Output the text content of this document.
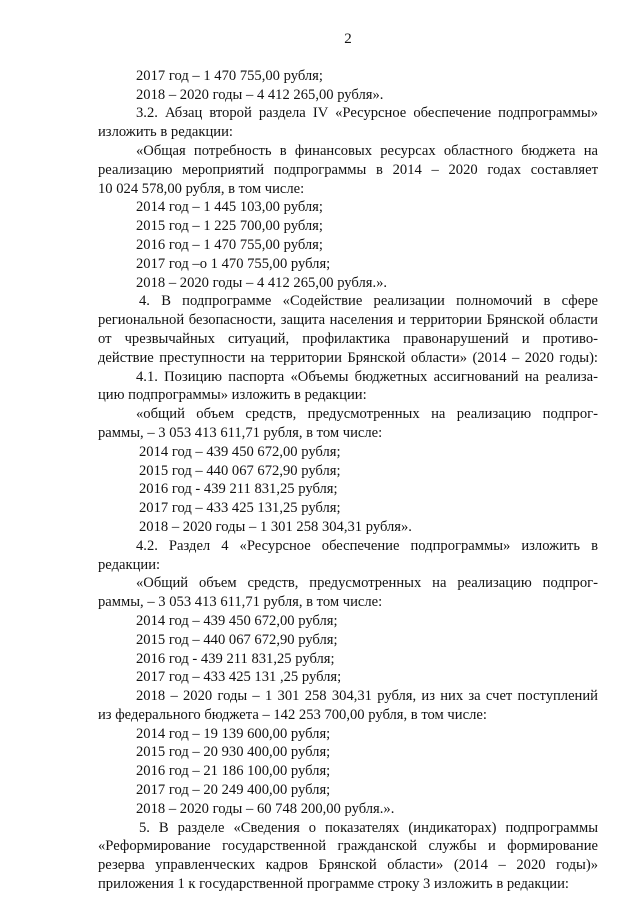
2
2017 год – 1 470 755,00 рубля;
2018 – 2020 годы – 4 412 265,00 рубля».
3.2. Абзац второй раздела IV «Ресурсное обеспечение подпрограммы»
изложить в редакции:
«Общая потребность в финансовых ресурсах областного бюджета на
реализацию мероприятий подпрограммы в 2014 – 2020 годах составляет
10 024 578,00 рубля, в том числе:
2014 год – 1 445 103,00 рубля;
2015 год – 1 225 700,00 рубля;
2016 год – 1 470 755,00 рубля;
2017 год –о 1 470 755,00 рубля;
2018 – 2020 годы – 4 412 265,00 рубля.».
4. В подпрограмме «Содействие реализации полномочий в сфере
региональной безопасности, защита населения и территории Брянской области
от чрезвычайных ситуаций, профилактика правонарушений и противо-
действие преступности на территории Брянской области» (2014 – 2020 годы):
4.1. Позицию паспорта «Объемы бюджетных ассигнований на реализа-
цию подпрограммы» изложить в редакции:
«общий объем средств, предусмотренных на реализацию подпрог-
раммы, – 3 053 413 611,71 рубля, в том числе:
2014 год – 439 450 672,00 рубля;
2015 год – 440 067 672,90 рубля;
2016 год - 439 211 831,25 рубля;
2017 год – 433 425 131,25 рубля;
2018 – 2020 годы – 1 301 258 304,31 рубля».
4.2. Раздел 4 «Ресурсное обеспечение подпрограммы» изложить в
редакции:
«Общий объем средств, предусмотренных на реализацию подпрог-
раммы, – 3 053 413 611,71 рубля, в том числе:
2014 год – 439 450 672,00 рубля;
2015 год – 440 067 672,90 рубля;
2016 год - 439 211 831,25 рубля;
2017 год – 433 425 131 ,25 рубля;
2018 – 2020 годы – 1 301 258 304,31 рубля, из них за счет поступлений
из федерального бюджета – 142 253 700,00 рубля, в том числе:
2014 год – 19 139 600,00 рубля;
2015 год – 20 930 400,00 рубля;
2016 год – 21 186 100,00 рубля;
2017 год – 20 249 400,00 рубля;
2018 – 2020 годы – 60 748 200,00 рубля.».
5. В разделе «Сведения о показателях (индикаторах) подпрограммы
«Реформирование государственной гражданской службы и формирование
резерва управленческих кадров Брянской области» (2014 – 2020 годы)»
приложения 1 к государственной программе строку 3 изложить в редакции:
